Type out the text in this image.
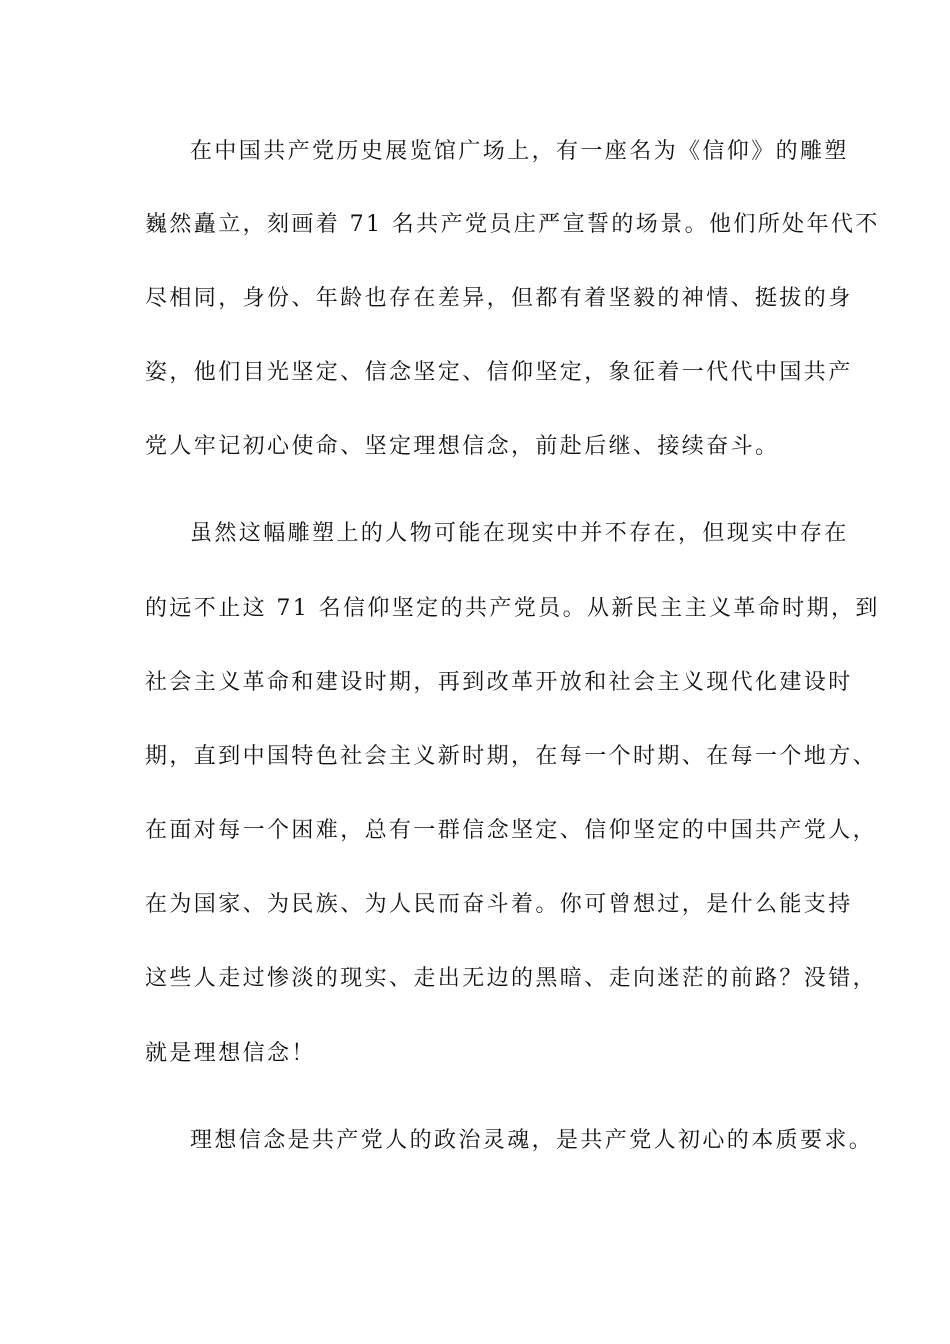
在中国共产党历史展览馆广场上，有一座名为《信仰》的雕塑
巍然矗立，刻画着 71 名共产党员庄严宣誓的场景。他们所处年代不
尽相同，身份、年龄也存在差异，但都有着坚毅的神情、挺拔的身
姿，他们目光坚定、信念坚定、信仰坚定，象征着一代代中国共产
党人牢记初心使命、坚定理想信念，前赴后继、接续奋斗。
虽然这幅雕塑上的人物可能在现实中并不存在，但现实中存在
的远不止这 71 名信仰坚定的共产党员。从新民主主义革命时期，到
社会主义革命和建设时期，再到改革开放和社会主义现代化建设时
期，直到中国特色社会主义新时期，在每一个时期、在每一个地方、
在面对每一个困难，总有一群信念坚定、信仰坚定的中国共产党人，
在为国家、为民族、为人民而奋斗着。你可曾想过，是什么能支持
这些人走过惨淡的现实、走出无边的黑暗、走向迷茫的前路？没错，
就是理想信念！
理想信念是共产党人的政治灵魂，是共产党人初心的本质要求。
